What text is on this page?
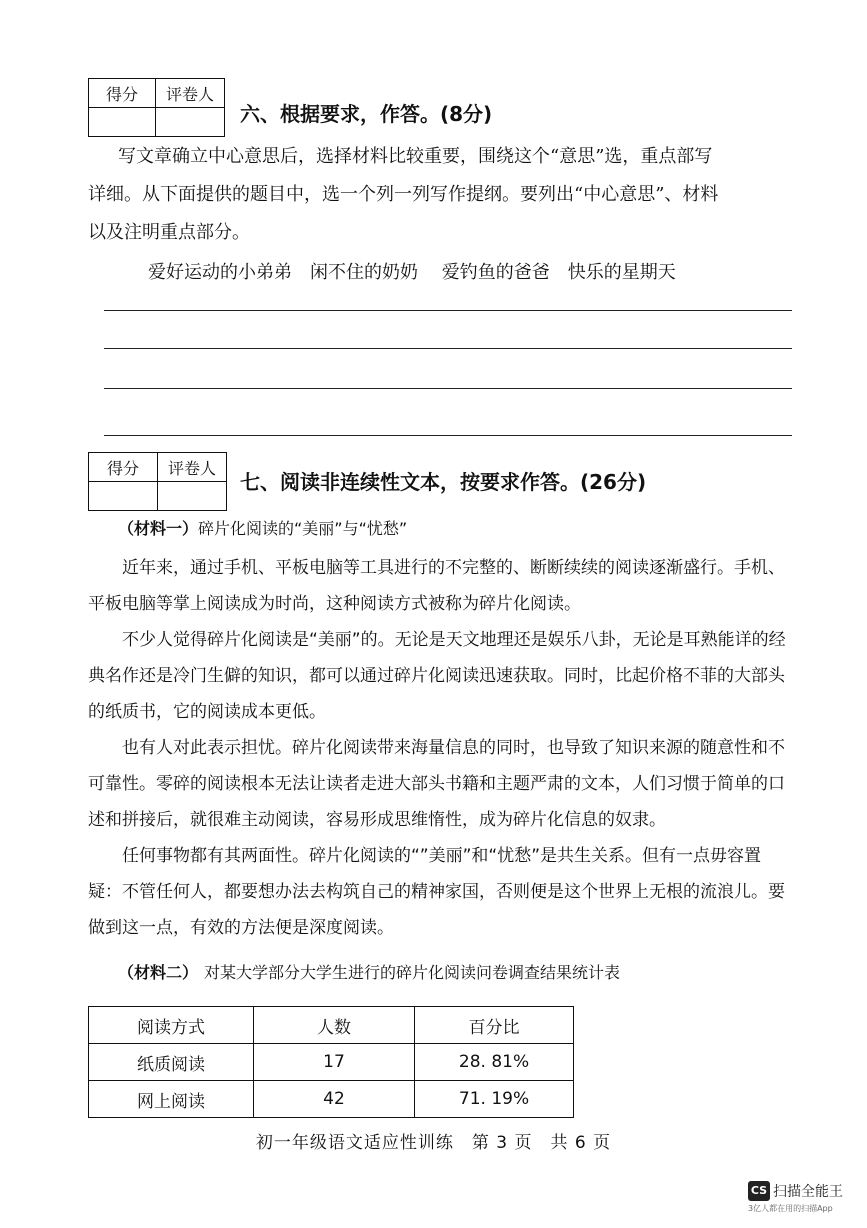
得分	评卷人

六、根据要求，作答。(8分)
写文章确立中心意思后，选择材料比较重要，围绕这个“意思”选，重点部写
详细。从下面提供的题目中，选一个列一列写作提纲。要列出“中心意思”、材料
以及注明重点部分。
爱好运动的小弟弟　闲不住的奶奶　 爱钓鱼的爸爸　快乐的星期天
得分	评卷人

七、阅读非连续性文本，按要求作答。(26分)
（材料一）碎片化阅读的“美丽”与“忧愁”
近年来，通过手机、平板电脑等工具进行的不完整的、断断续续的阅读逐渐盛行。手机、平板电脑等掌上阅读成为时尚，这种阅读方式被称为碎片化阅读。
不少人觉得碎片化阅读是“美丽”的。无论是天文地理还是娱乐八卦，无论是耳熟能详的经典名作还是冷门生僻的知识，都可以通过碎片化阅读迅速获取。同时，比起价格不菲的大部头的纸质书，它的阅读成本更低。
也有人对此表示担忧。碎片化阅读带来海量信息的同时，也导致了知识来源的随意性和不可靠性。零碎的阅读根本无法让读者走进大部头书籍和主题严肃的文本，人们习惯于简单的口述和拼接后，就很难主动阅读，容易形成思维惰性，成为碎片化信息的奴隶。
任何事物都有其两面性。碎片化阅读的“”美丽”和“忧愁”是共生关系。但有一点毋容置疑：不管任何人，都要想办法去构筑自己的精神家国，否则便是这个世界上无根的流浪儿。要做到这一点，有效的方法便是深度阅读。
（材料二） 对某大学部分大学生进行的碎片化阅读问卷调查结果统计表
阅读方式	人数	百分比
纸质阅读	17	28. 81%
网上阅读	42	71. 19%
初一年级语文适应性训练　第 3 页　共 6 页
CS 扫描全能王
3亿人都在用的扫描App
